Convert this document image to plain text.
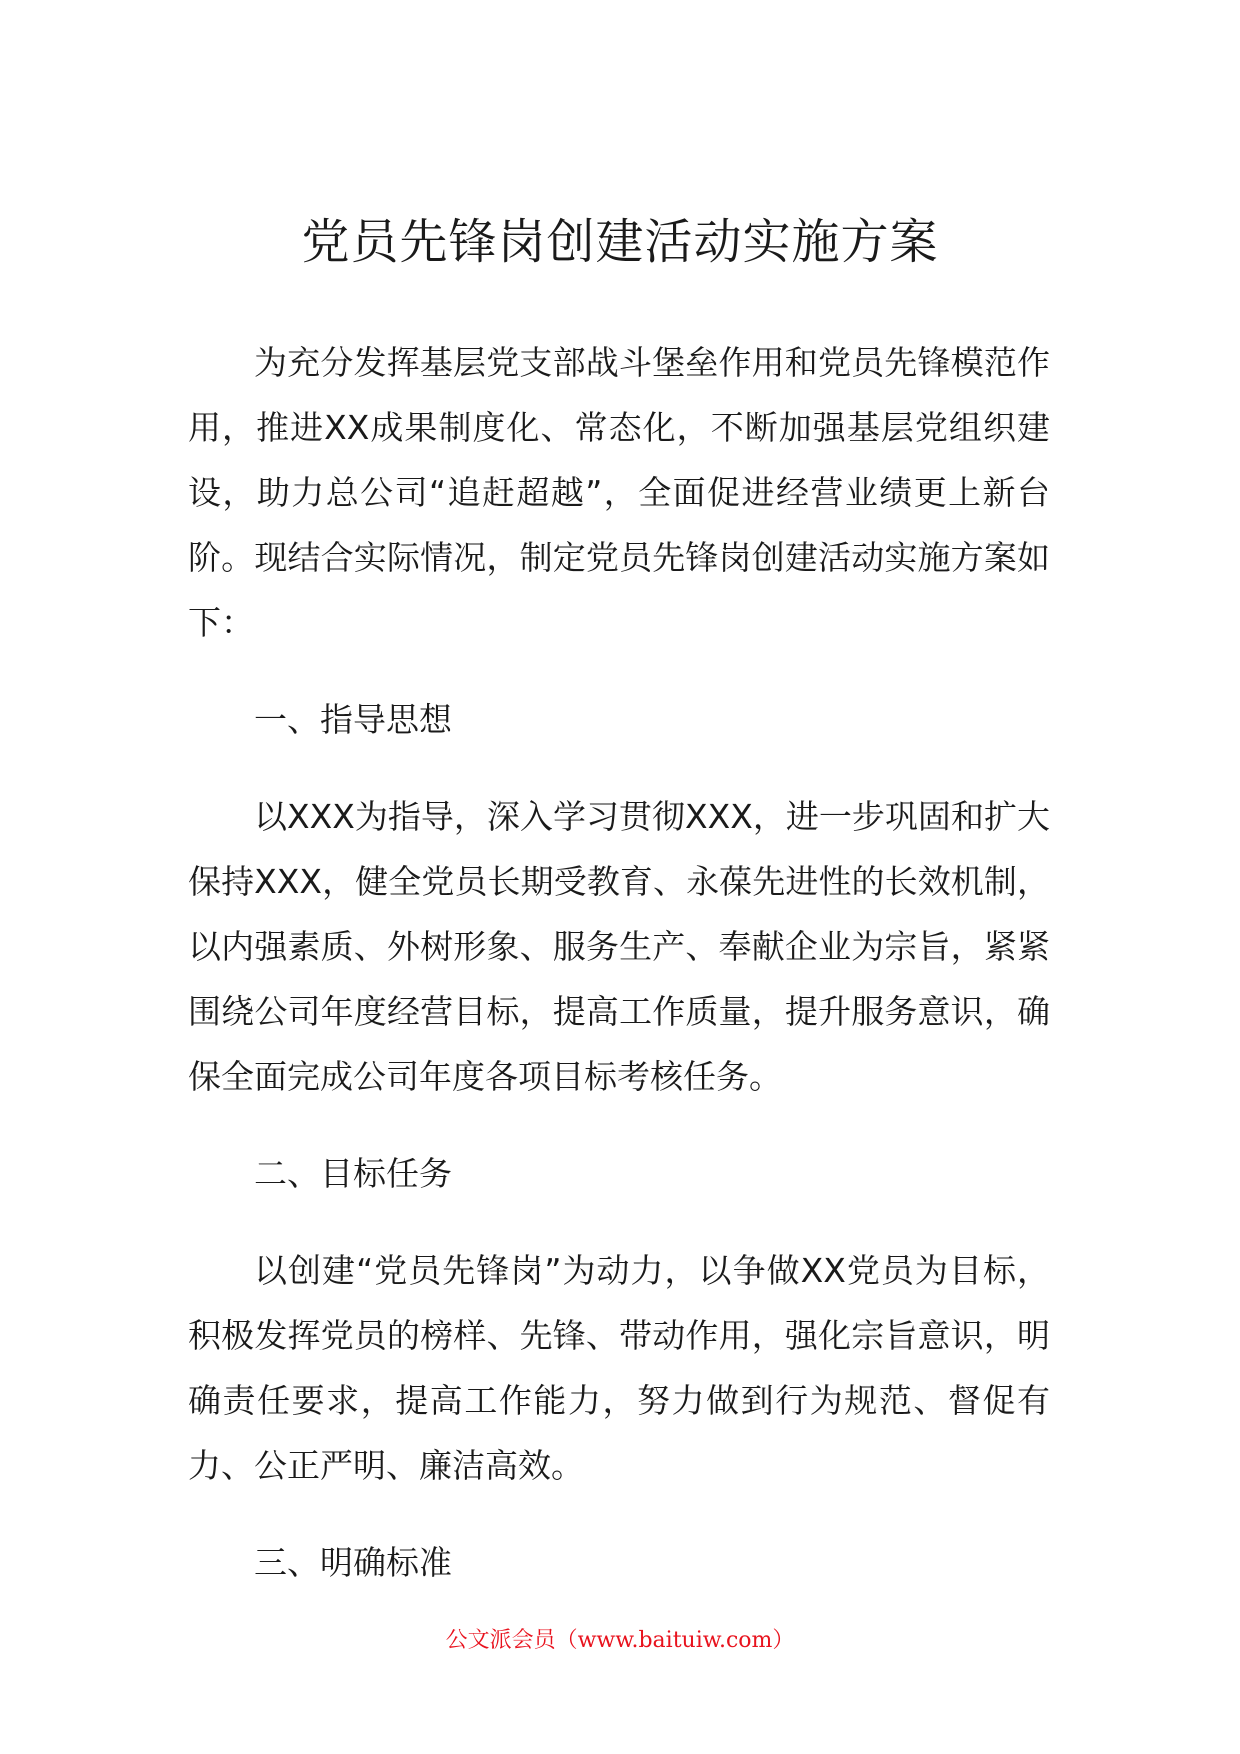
党员先锋岗创建活动实施方案

为充分发挥基层党支部战斗堡垒作用和党员先锋模范作用，推进XX成果制度化、常态化，不断加强基层党组织建设，助力总公司“追赶超越”，全面促进经营业绩更上新台阶。现结合实际情况，制定党员先锋岗创建活动实施方案如下：

一、指导思想

以XXX为指导，深入学习贯彻XXX，进一步巩固和扩大保持XXX，健全党员长期受教育、永葆先进性的长效机制，以内强素质、外树形象、服务生产、奉献企业为宗旨，紧紧围绕公司年度经营目标，提高工作质量，提升服务意识，确保全面完成公司年度各项目标考核任务。

二、目标任务

以创建“党员先锋岗”为动力，以争做XX党员为目标，积极发挥党员的榜样、先锋、带动作用，强化宗旨意识，明确责任要求，提高工作能力，努力做到行为规范、督促有力、公正严明、廉洁高效。

三、明确标准

公文派会员（www.baituiw.com）
